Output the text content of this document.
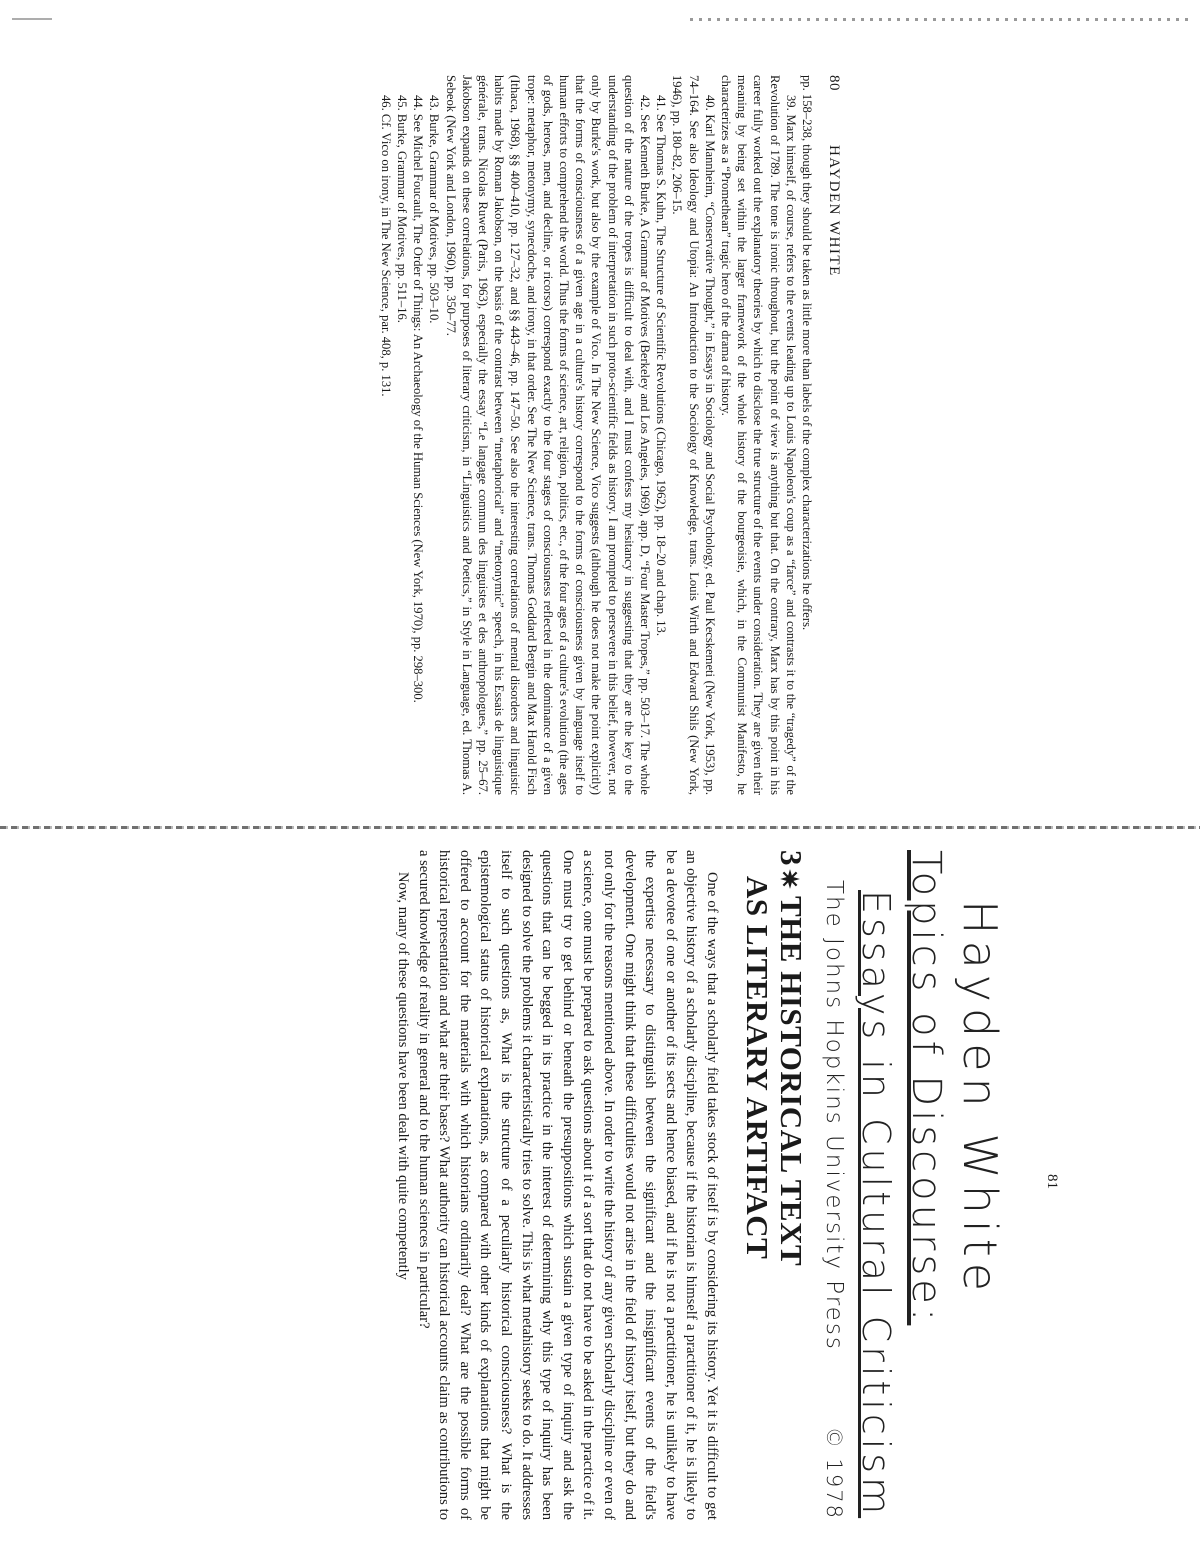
80
HAYDEN WHITE

pp. 158–238, though they should be taken as little more than labels of the complex characterizations he offers.

39. Marx himself, of course, refers to the events leading up to Louis Napoleon's coup as a “farce” and contrasts it to the “tragedy” of the Revolution of 1789. The tone is ironic throughout, but the point of view is anything but that. On the contrary, Marx has by this point in his career fully worked out the explanatory theories by which to disclose the true structure of the events under consideration. They are given their meaning by being set within the larger framework of the whole history of the bourgeoisie, which, in the Communist Manifesto, he characterizes as a “Promethean” tragic hero of the drama of history.

40. Karl Mannheim, “Conservative Thought,” in Essays in Sociology and Social Psychology, ed. Paul Kecskemeti (New York, 1953), pp. 74–164. See also Ideology and Utopia: An Introduction to the Sociology of Knowledge, trans. Louis Wirth and Edward Shils (New York, 1946), pp. 180–82, 206–15.

41. See Thomas S. Kuhn, The Structure of Scientific Revolutions (Chicago, 1962), pp. 18–20 and chap. 13.

42. See Kenneth Burke, A Grammar of Motives (Berkeley and Los Angeles, 1969), app. D, “Four Master Tropes,” pp. 503–17. The whole question of the nature of the tropes is difficult to deal with, and I must confess my hesitancy in suggesting that they are the key to the understanding of the problem of interpretation in such proto-scientific fields as history. I am prompted to persevere in this belief, however, not only by Burke's work, but also by the example of Vico. In The New Science, Vico suggests (although he does not make the point explicitly) that the forms of consciousness of a given age in a culture's history correspond to the forms of consciousness given by language itself to human efforts to comprehend the world. Thus the forms of science, art, religion, politics, etc., of the four ages of a culture's evolution (the ages of gods, heroes, men, and decline, or ricorso) correspond exactly to the four stages of consciousness reflected in the dominance of a given trope: metaphor, metonymy, synecdoche, and irony, in that order. See The New Science, trans. Thomas Goddard Bergin and Max Harold Fisch (Ithaca, 1968), §§ 400–410, pp. 127–32, and §§ 443–46, pp. 147–50. See also the interesting correlations of mental disorders and linguistic habits made by Roman Jakobson, on the basis of the contrast between “metaphorical” and “metonymic” speech, in his Essais de linguistique générale, trans. Nicolas Ruwet (Paris, 1963), especially the essay “Le langage commun des linguistes et des anthropologues,” pp. 25–67. Jakobson expands on these correlations, for purposes of literary criticism, in “Linguistics and Poetics,” in Style in Language, ed. Thomas A. Sebeok (New York and London, 1960), pp. 350–77.

43. Burke, Grammar of Motives, pp. 503–10.

44. See Michel Foucault, The Order of Things: An Archaeology of the Human Sciences (New York, 1970), pp. 298–300.

45. Burke, Grammar of Motives, pp. 511–16.

46. Cf. Vico on irony, in The New Science, par. 408, p. 131.

Hayden White
Topics of Discourse:
Essays in Cultural Criticism
The Johns Hopkins University Press
© 1978
3THE HISTORICAL TEXT
AS LITERARY ARTIFACT

One of the ways that a scholarly field takes stock of itself is by considering its history. Yet it is difficult to get an objective history of a scholarly discipline, because if the historian is himself a practitioner of it, he is likely to be a devotee of one or another of its sects and hence biased, and if he is not a practitioner, he is unlikely to have the expertise necessary to distinguish between the significant and the insignificant events of the field's development. One might think that these difficulties would not arise in the field of history itself, but they do and not only for the reasons mentioned above. In order to write the history of any given scholarly discipline or even of a science, one must be prepared to ask questions about it of a sort that do not have to be asked in the practice of it. One must try to get behind or beneath the presuppositions which sustain a given type of inquiry and ask the questions that can be begged in its practice in the interest of determining why this type of inquiry has been designed to solve the problems it characteristically tries to solve. This is what metahistory seeks to do. It addresses itself to such questions as, What is the structure of a peculiarly historical consciousness? What is the epistemological status of historical explanations, as compared with other kinds of explanations that might be offered to account for the materials with which historians ordinarily deal? What are the possible forms of historical representation and what are their bases? What authority can historical accounts claim as contributions to a secured knowledge of reality in general and to the human sciences in particular?

Now, many of these questions have been dealt with quite competently	81
